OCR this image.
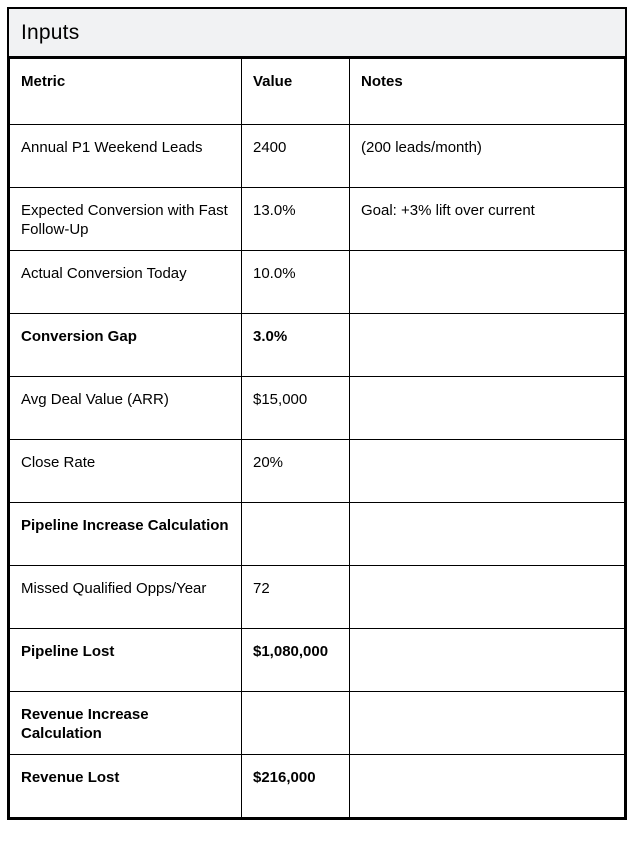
Inputs
Metric	Value	Notes
Annual P1 Weekend Leads	2400	(200 leads/month)
Expected Conversion with Fast Follow-Up	13.0%	Goal: +3% lift over current
Actual Conversion Today	10.0%	
Conversion Gap	3.0%	
Avg Deal Value (ARR)	$15,000	
Close Rate	20%	
Pipeline Increase Calculation		
Missed Qualified Opps/Year	72	
Pipeline Lost	$1,080,000	
Revenue Increase Calculation		
Revenue Lost	$216,000	
